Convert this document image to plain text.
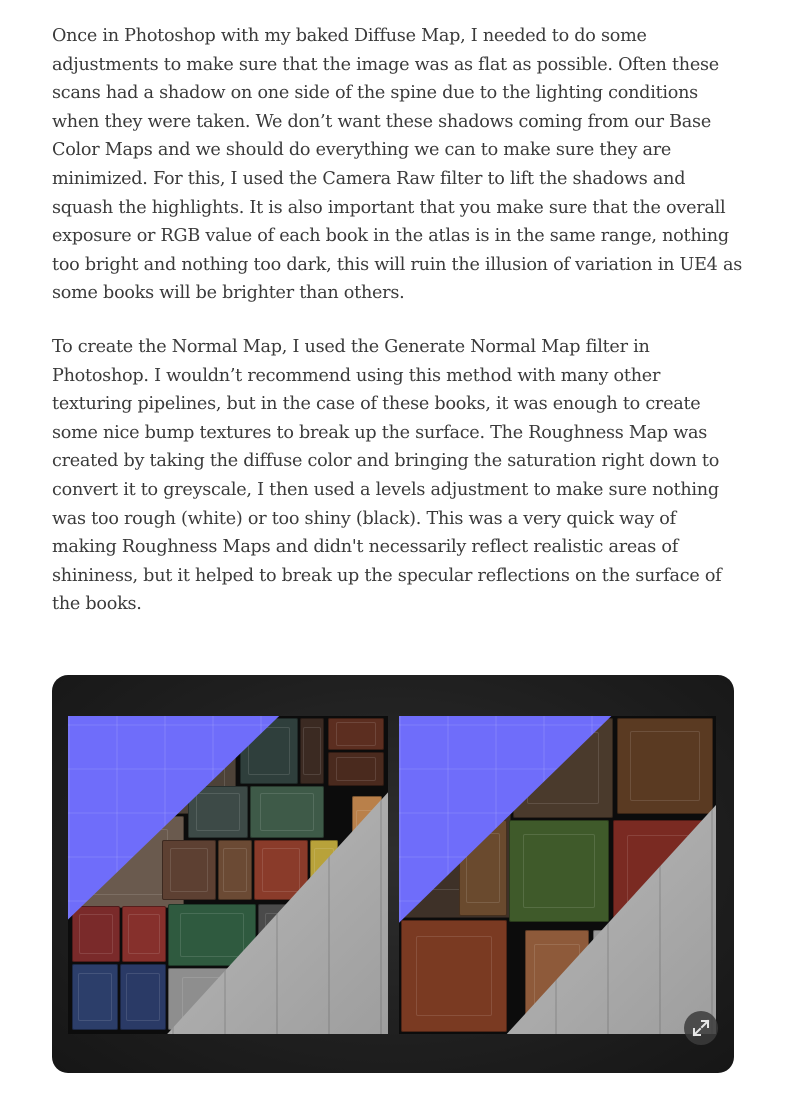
Once in Photoshop with my baked Diffuse Map, I needed to do some adjustments to make sure that the image was as flat as possible. Often these scans had a shadow on one side of the spine due to the lighting conditions when they were taken. We don’t want these shadows coming from our Base Color Maps and we should do everything we can to make sure they are minimized. For this, I used the Camera Raw filter to lift the shadows and squash the highlights. It is also important that you make sure that the overall exposure or RGB value of each book in the atlas is in the same range, nothing too bright and nothing too dark, this will ruin the illusion of variation in UE4 as some books will be brighter than others.

To create the Normal Map, I used the Generate Normal Map filter in Photoshop. I wouldn’t recommend using this method with many other texturing pipelines, but in the case of these books, it was enough to create some nice bump textures to break up the surface. The Roughness Map was created by taking the diffuse color and bringing the saturation right down to convert it to greyscale, I then used a levels adjustment to make sure nothing was too rough (white) or too shiny (black). This was a very quick way of making Roughness Maps and didn't necessarily reflect realistic areas of shininess, but it helped to break up the specular reflections on the surface of the books.
